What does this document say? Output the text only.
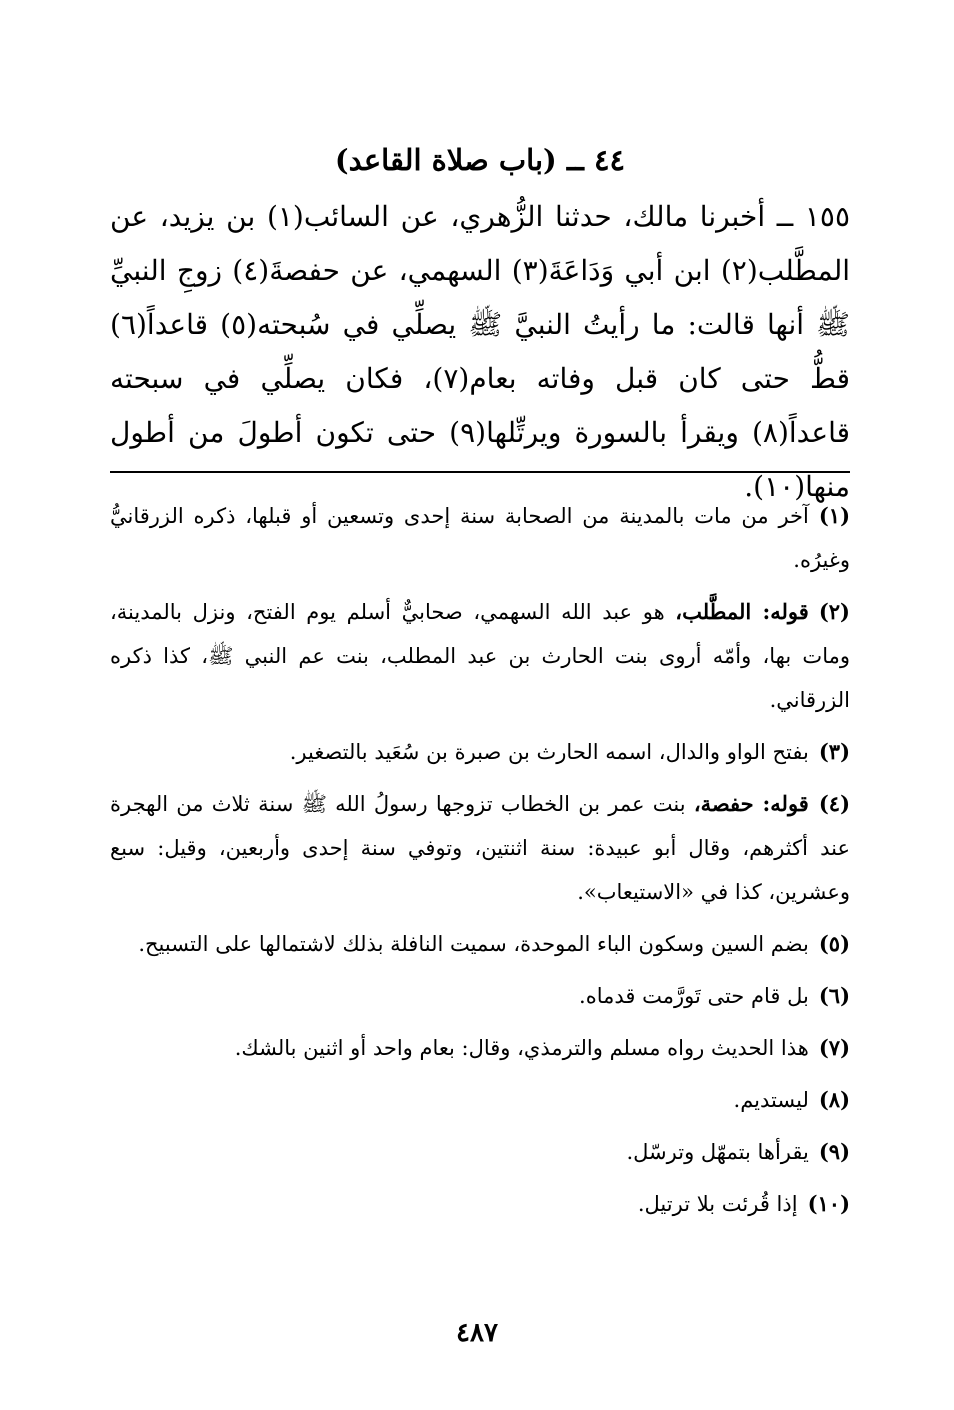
٤٤ ــ (باب صلاة القاعد)

١٥٥ ــ أخبرنا مالك، حدثنا الزُّهري، عن السائب(١) بن يزيد، عن المطَّلب(٢) ابن أبي وَدَاعَةَ(٣) السهمي، عن حفصةَ(٤) زوجِ النبيِّ ﷺ أنها قالت: ما رأيتُ النبيَّ ﷺ يصلِّي في سُبحته(٥) قاعداً(٦) قطُّ حتى كان قبل وفاته بعام(٧)، فكان يصلِّي في سبحته قاعداً(٨) ويقرأ بالسورة ويرتِّلها(٩) حتى تكون أطولَ من أطول منها(١٠).

(١)آخر من مات بالمدينة من الصحابة سنة إحدى وتسعين أو قبلها، ذكره الزرقانيُّ وغيرُه.

(٢)قوله: المطَّلب، هو عبد الله السهمي، صحابيٌّ أسلم يوم الفتح، ونزل بالمدينة، ومات بها، وأمّه أروى بنت الحارث بن عبد المطلب، بنت عم النبي ﷺ، كذا ذكره الزرقاني.

(٣)بفتح الواو والدال، اسمه الحارث بن صبرة بن سُعَيد بالتصغير.

(٤)قوله: حفصة، بنت عمر بن الخطاب تزوجها رسولُ الله ﷺ سنة ثلاث من الهجرة عند أكثرهم، وقال أبو عبيدة: سنة اثنتين، وتوفي سنة إحدى وأربعين، وقيل: سبع وعشرين، كذا في «الاستيعاب».

(٥)بضم السين وسكون الباء الموحدة، سميت النافلة بذلك لاشتمالها على التسبيح.

(٦)بل قام حتى تَورَّمت قدماه.

(٧)هذا الحديث رواه مسلم والترمذي، وقال: بعام واحد أو اثنين بالشك.

(٨)ليستديم.

(٩)يقرأها بتمهّل وترسّل.

(١٠)إذا قُرئت بلا ترتيل.

٤٨٧
